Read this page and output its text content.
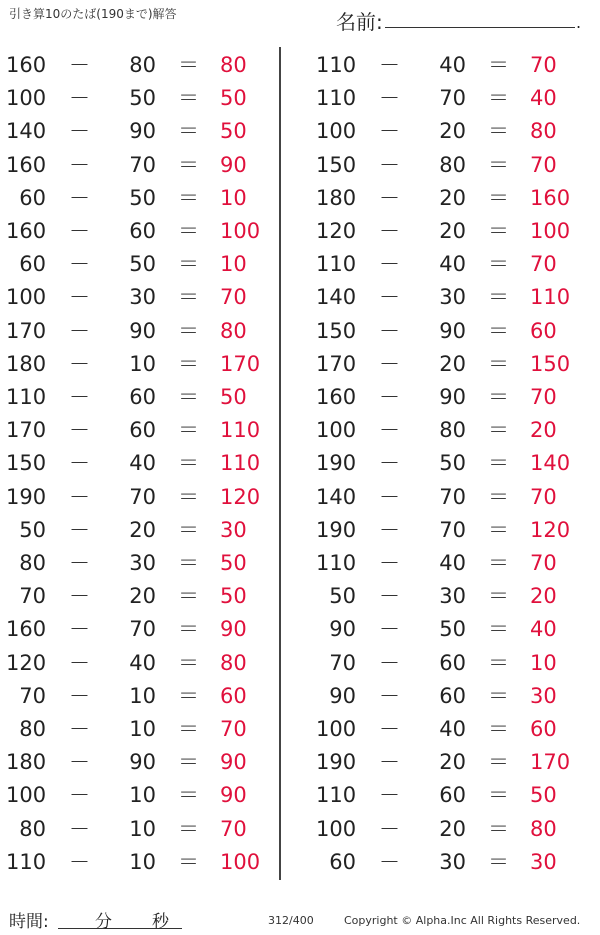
引き算10のたば(190まで)解答	名前:	.
160 －	80 ＝ 80
100 －	50 ＝ 50
140 －	90 ＝ 50
160 －	70 ＝ 90
60 －	50 ＝ 10
160 －	60 ＝ 100
60 －	50 ＝ 10
100 －	30 ＝ 70
170 －	90 ＝ 80
180 －	10 ＝ 170
110 －	60 ＝ 50
170 －	60 ＝ 110
150 －	40 ＝ 110
190 －	70 ＝ 120
50 －	20 ＝ 30
80 －	30 ＝ 50
70 －	20 ＝ 50
160 －	70 ＝ 90
120 －	40 ＝ 80
70 －	10 ＝ 60
80 －	10 ＝ 70
180 －	90 ＝ 90
100 －	10 ＝ 90
80 －	10 ＝ 70
110 －	10 ＝ 100
110 －	40 ＝ 70
110 －	70 ＝ 40
100 －	20 ＝ 80
150 －	80 ＝ 70
180 －	20 ＝ 160
120 －	20 ＝ 100
110 －	40 ＝ 70
140 －	30 ＝ 110
150 －	90 ＝ 60
170 －	20 ＝ 150
160 －	90 ＝ 70
100 －	80 ＝ 20
190 －	50 ＝ 140
140 －	70 ＝ 70
190 －	70 ＝ 120
110 －	40 ＝ 70
50 －	30 ＝ 20
90 －	50 ＝ 40
70 －	60 ＝ 10
90 －	60 ＝ 30
100 －	40 ＝ 60
190 －	20 ＝ 170
110 －	60 ＝ 50
100 －	20 ＝ 80
60 －	30 ＝ 30
時間:	分 秒	312/400	Copyright © Alpha.Inc All Rights Reserved.
